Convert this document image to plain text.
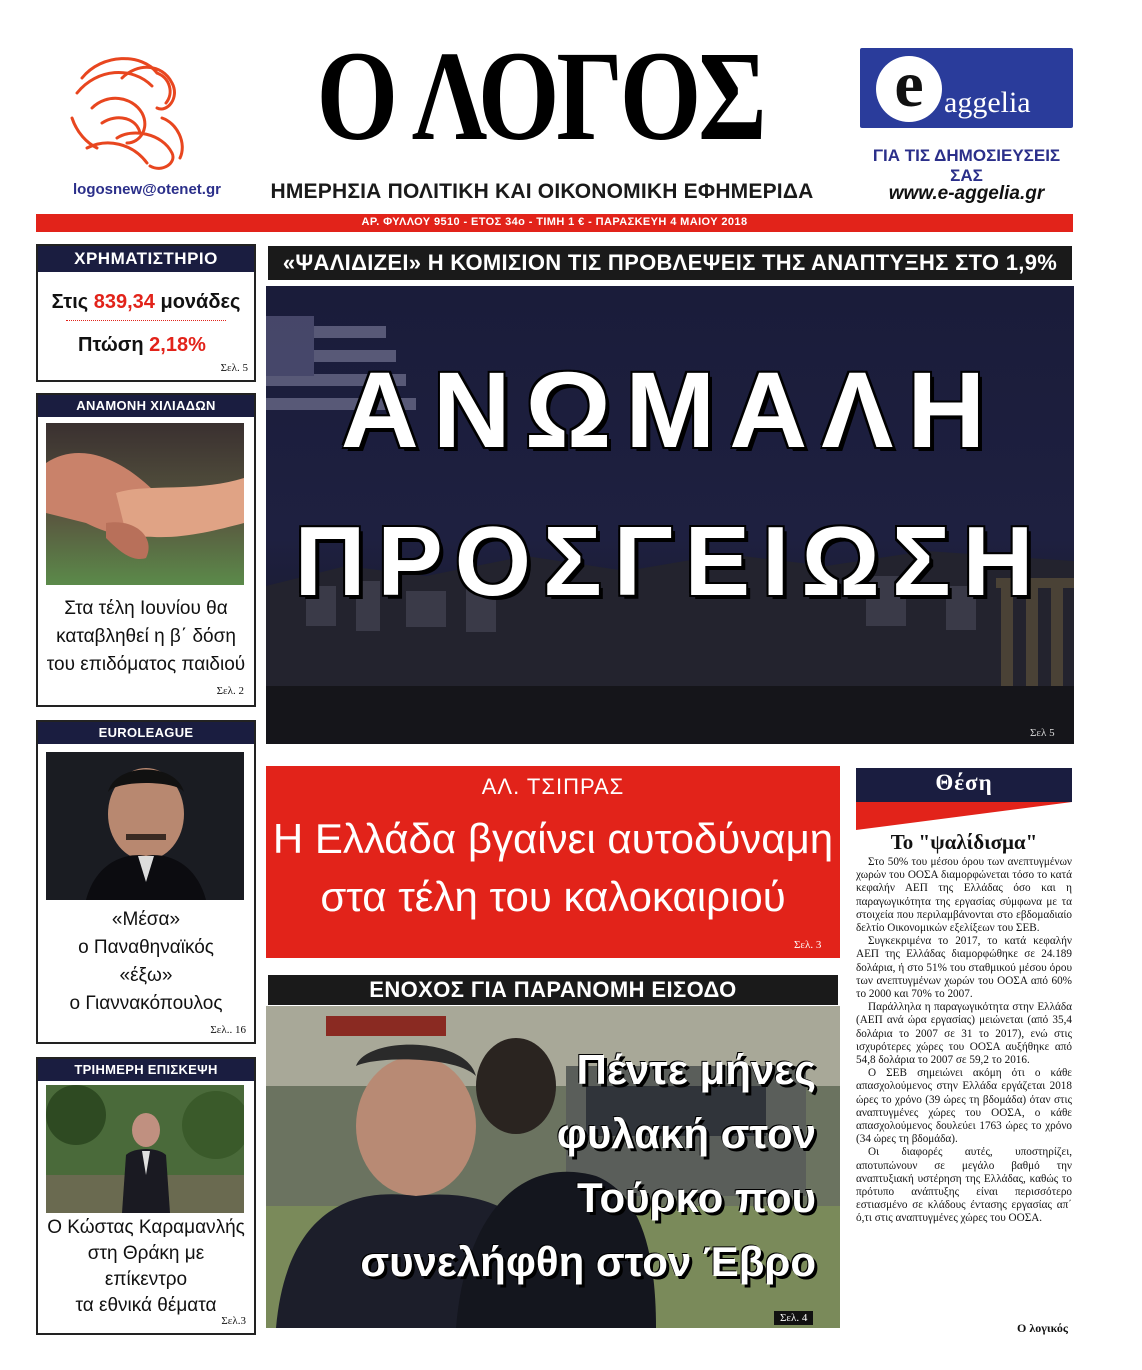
logosnew@otenet.gr
Ο ΛΟΓΟΣ
ΗΜΕΡΗΣΙΑ ΠΟΛΙΤΙΚΗ ΚΑΙ ΟΙΚΟΝΟΜΙΚΗ ΕΦΗΜΕΡΙΔΑ
e aggelia
ΓΙΑ ΤΙΣ ΔΗΜΟΣΙΕΥΣΕΙΣ ΣΑΣ
www.e-aggelia.gr
ΑΡ. ΦΥΛΛΟΥ 9510 - ΕΤΟΣ 34ο - ΤΙΜΗ 1 € - ΠΑΡΑΣΚΕΥΗ 4 ΜΑΙΟΥ 2018
ΧΡΗΜΑΤΙΣΤΗΡΙΟ
Στις 839,34 μονάδες
Πτώση 2,18%
Σελ. 5
ΑΝΑΜΟΝΗ ΧΙΛΙΑΔΩΝ
Στα τέλη Ιουνίου θα
καταβληθεί η β΄ δόση
του επιδόματος παιδιού
Σελ. 2
EUROLEAGUE
«Μέσα»
ο Παναθηναϊκός
«έξω»
ο Γιαννακόπουλος
Σελ.. 16
ΤΡΙΗΜΕΡΗ ΕΠΙΣΚΕΨΗ
Ο Κώστας Καραμανλής
στη Θράκη με
επίκεντρο
τα εθνικά θέματα
Σελ.3
«ΨΑΛΙΔΙΖΕΙ» Η ΚΟΜΙΣΙΟΝ ΤΙΣ ΠΡΟΒΛΕΨΕΙΣ ΤΗΣ ΑΝΑΠΤΥΞΗΣ ΣΤΟ 1,9%
ΑΝΩΜΑΛΗ
ΠΡΟΣΓΕΙΩΣΗ
Σελ 5
ΑΛ. ΤΣΙΠΡΑΣ
Η Ελλάδα βγαίνει αυτοδύναμη
στα τέλη του καλοκαιριού
Σελ. 3
ΕΝΟΧΟΣ ΓΙΑ ΠΑΡΑΝΟΜΗ ΕΙΣΟΔΟ
Πέντε μήνες
φυλακή στον
Τούρκο που
συνελήφθη στον Έβρο
Σελ. 4
Θέση
Το "ψαλίδισμα"

Στο 50% του μέσου όρου των ανεπτυγμένων χωρών του ΟΟΣΑ διαμορφώνεται τόσο το κατά κεφαλήν ΑΕΠ της Ελλάδας όσο και η παραγωγικότητα της εργασίας σύμφωνα με τα στοιχεία που περιλαμβάνονται στο εβδομαδιαίο δελτίο Οικονομικών εξελίξεων του ΣΕΒ.

Συγκεκριμένα το 2017, το κατά κεφαλήν ΑΕΠ της Ελλάδας διαμορφώθηκε σε 24.189 δολάρια, ή στο 51% του σταθμικού μέσου όρου των ανεπτυγμένων χωρών του ΟΟΣΑ από 60% το 2000 και 70% το 2007.

Παράλληλα η παραγωγικότητα στην Ελλάδα (ΑΕΠ ανά ώρα εργασίας) μειώνεται (από 35,4 δολάρια το 2007 σε 31 το 2017), ενώ στις ισχυρότερες χώρες του ΟΟΣΑ αυξήθηκε από 54,8 δολάρια το 2007 σε 59,2 το 2016.

Ο ΣΕΒ σημειώνει ακόμη ότι ο κάθε απασχολούμενος στην Ελλάδα εργάζεται 2018 ώρες το χρόνο (39 ώρες τη βδομάδα) όταν στις αναπτυγμένες χώρες του ΟΟΣΑ, ο κάθε απασχολούμενος δουλεύει 1763 ώρες το χρόνο (34 ώρες τη βδομάδα).

Οι διαφορές αυτές, υποστηρίζει, αποτυπώνουν σε μεγάλο βαθμό την αναπτυξιακή υστέρηση της Ελλάδας, καθώς το πρότυπο ανάπτυξης είναι περισσότερο εστιασμένο σε κλάδους έντασης εργασίας απ΄ ό,τι στις αναπτυγμένες χώρες του ΟΟΣΑ.

Ο λογικός
